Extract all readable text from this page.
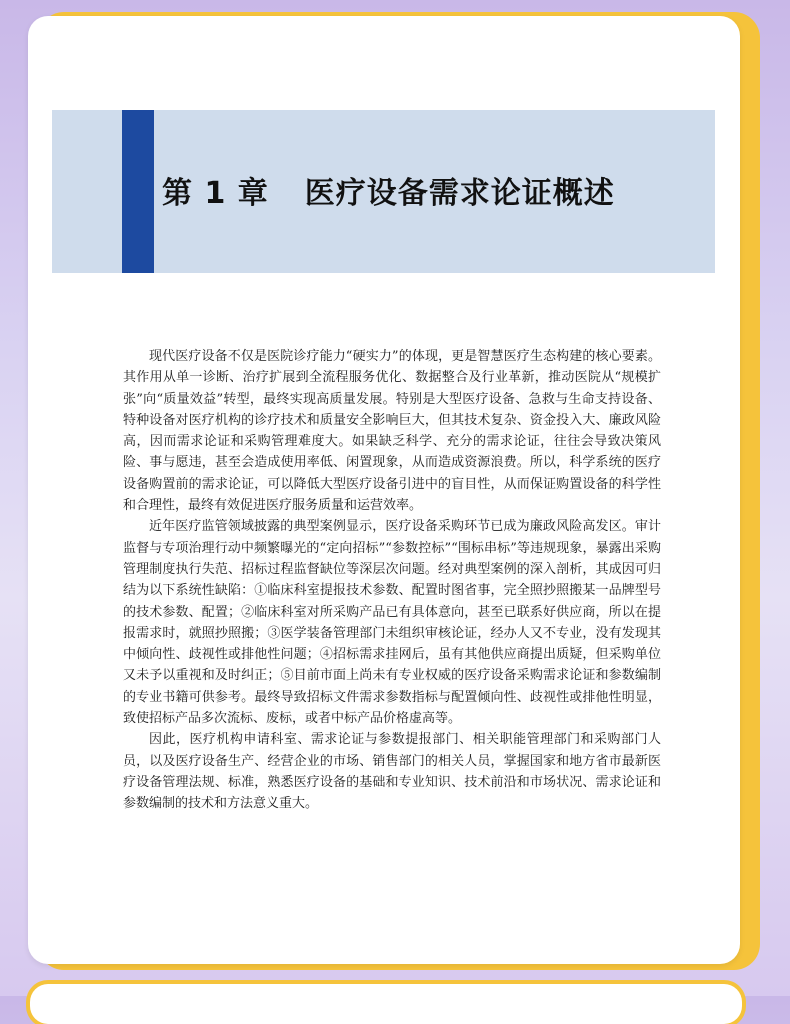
第 1 章 医疗设备需求论证概述

现代医疗设备不仅是医院诊疗能力“硬实力”的体现，更是智慧医疗生态构建的核心要素。其作用从单一诊断、治疗扩展到全流程服务优化、数据整合及行业革新，推动医院从“规模扩张”向“质量效益”转型，最终实现高质量发展。特别是大型医疗设备、急救与生命支持设备、特种设备对医疗机构的诊疗技术和质量安全影响巨大，但其技术复杂、资金投入大、廉政风险高，因而需求论证和采购管理难度大。如果缺乏科学、充分的需求论证，往往会导致决策风险、事与愿违，甚至会造成使用率低、闲置现象，从而造成资源浪费。所以，科学系统的医疗设备购置前的需求论证，可以降低大型医疗设备引进中的盲目性，从而保证购置设备的科学性和合理性，最终有效促进医疗服务质量和运营效率。

近年医疗监管领域披露的典型案例显示，医疗设备采购环节已成为廉政风险高发区。审计监督与专项治理行动中频繁曝光的“定向招标”“参数控标”“围标串标”等违规现象，暴露出采购管理制度执行失范、招标过程监督缺位等深层次问题。经对典型案例的深入剖析，其成因可归结为以下系统性缺陷：①临床科室提报技术参数、配置时图省事，完全照抄照搬某一品牌型号的技术参数、配置；②临床科室对所采购产品已有具体意向，甚至已联系好供应商，所以在提报需求时，就照抄照搬；③医学装备管理部门未组织审核论证，经办人又不专业，没有发现其中倾向性、歧视性或排他性问题；④招标需求挂网后，虽有其他供应商提出质疑，但采购单位又未予以重视和及时纠正；⑤目前市面上尚未有专业权威的医疗设备采购需求论证和参数编制的专业书籍可供参考。最终导致招标文件需求参数指标与配置倾向性、歧视性或排他性明显，致使招标产品多次流标、废标，或者中标产品价格虚高等。

因此，医疗机构申请科室、需求论证与参数提报部门、相关职能管理部门和采购部门人员，以及医疗设备生产、经营企业的市场、销售部门的相关人员，掌握国家和地方省市最新医疗设备管理法规、标准，熟悉医疗设备的基础和专业知识、技术前沿和市场状况、需求论证和参数编制的技术和方法意义重大。
